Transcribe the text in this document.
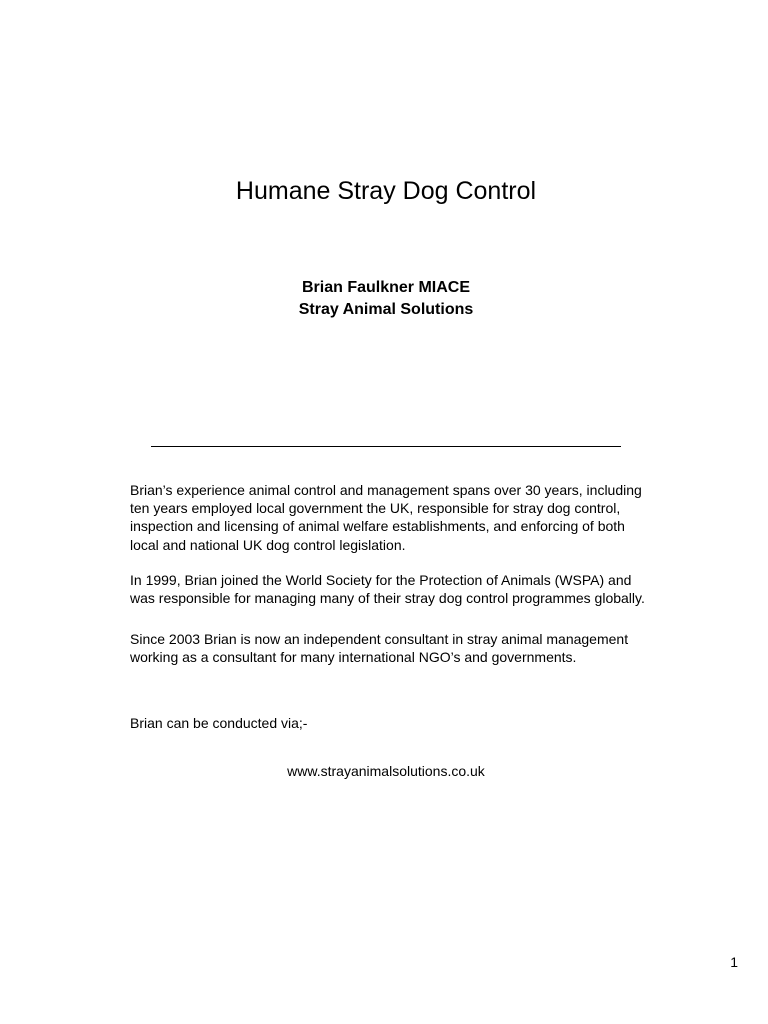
Humane Stray Dog Control
Brian Faulkner MIACE
Stray Animal Solutions

Brian’s experience animal control and management spans over 30 years, including ten years employed local government the UK, responsible for stray dog control, inspection and licensing of animal welfare establishments, and enforcing of both local and national UK dog control legislation.

In 1999, Brian joined the World Society for the Protection of Animals (WSPA) and was responsible for managing many of their stray dog control programmes globally.

Since 2003 Brian is now an independent consultant in stray animal management working as a consultant for many international NGO’s and governments.

Brian can be conducted via;-

www.strayanimalsolutions.co.uk
1
